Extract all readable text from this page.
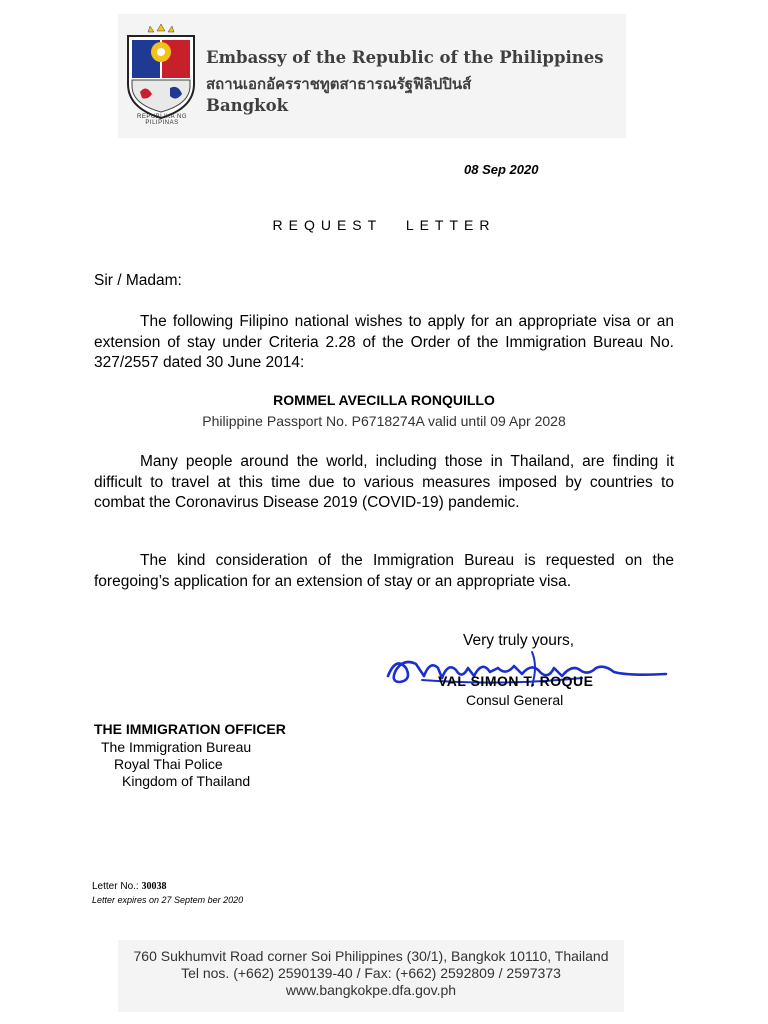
REPUBLIKA NG PILIPINAS
Embassy of the Republic of the Philippines
สถานเอกอัครราชทูตสาธารณรัฐฟิลิปปินส์
Bangkok
08 Sep 2020
REQUEST LETTER
Sir / Madam:
The following Filipino national wishes to apply for an appropriate visa or an extension of stay under Criteria 2.28 of the Order of the Immigration Bureau No. 327/2557 dated 30 June 2014:
ROMMEL AVECILLA RONQUILLO
Philippine Passport No. P6718274A valid until 09 Apr 2028
Many people around the world, including those in Thailand, are finding it difficult to travel at this time due to various measures imposed by countries to combat the Coronavirus Disease 2019 (COVID-19) pandemic.
The kind consideration of the Immigration Bureau is requested on the foregoing’s application for an extension of stay or an appropriate visa.
Very truly yours,
VAL SIMON T. ROQUE
Consul General
THE IMMIGRATION OFFICER
The Immigration Bureau
Royal Thai Police
Kingdom of Thailand
Letter No.: 30038
Letter expires on 27 Septem ber 2020
760 Sukhumvit Road corner Soi Philippines (30/1), Bangkok 10110, Thailand
Tel nos. (+662) 2590139-40 / Fax: (+662) 2592809 / 2597373
www.bangkokpe.dfa.gov.ph
